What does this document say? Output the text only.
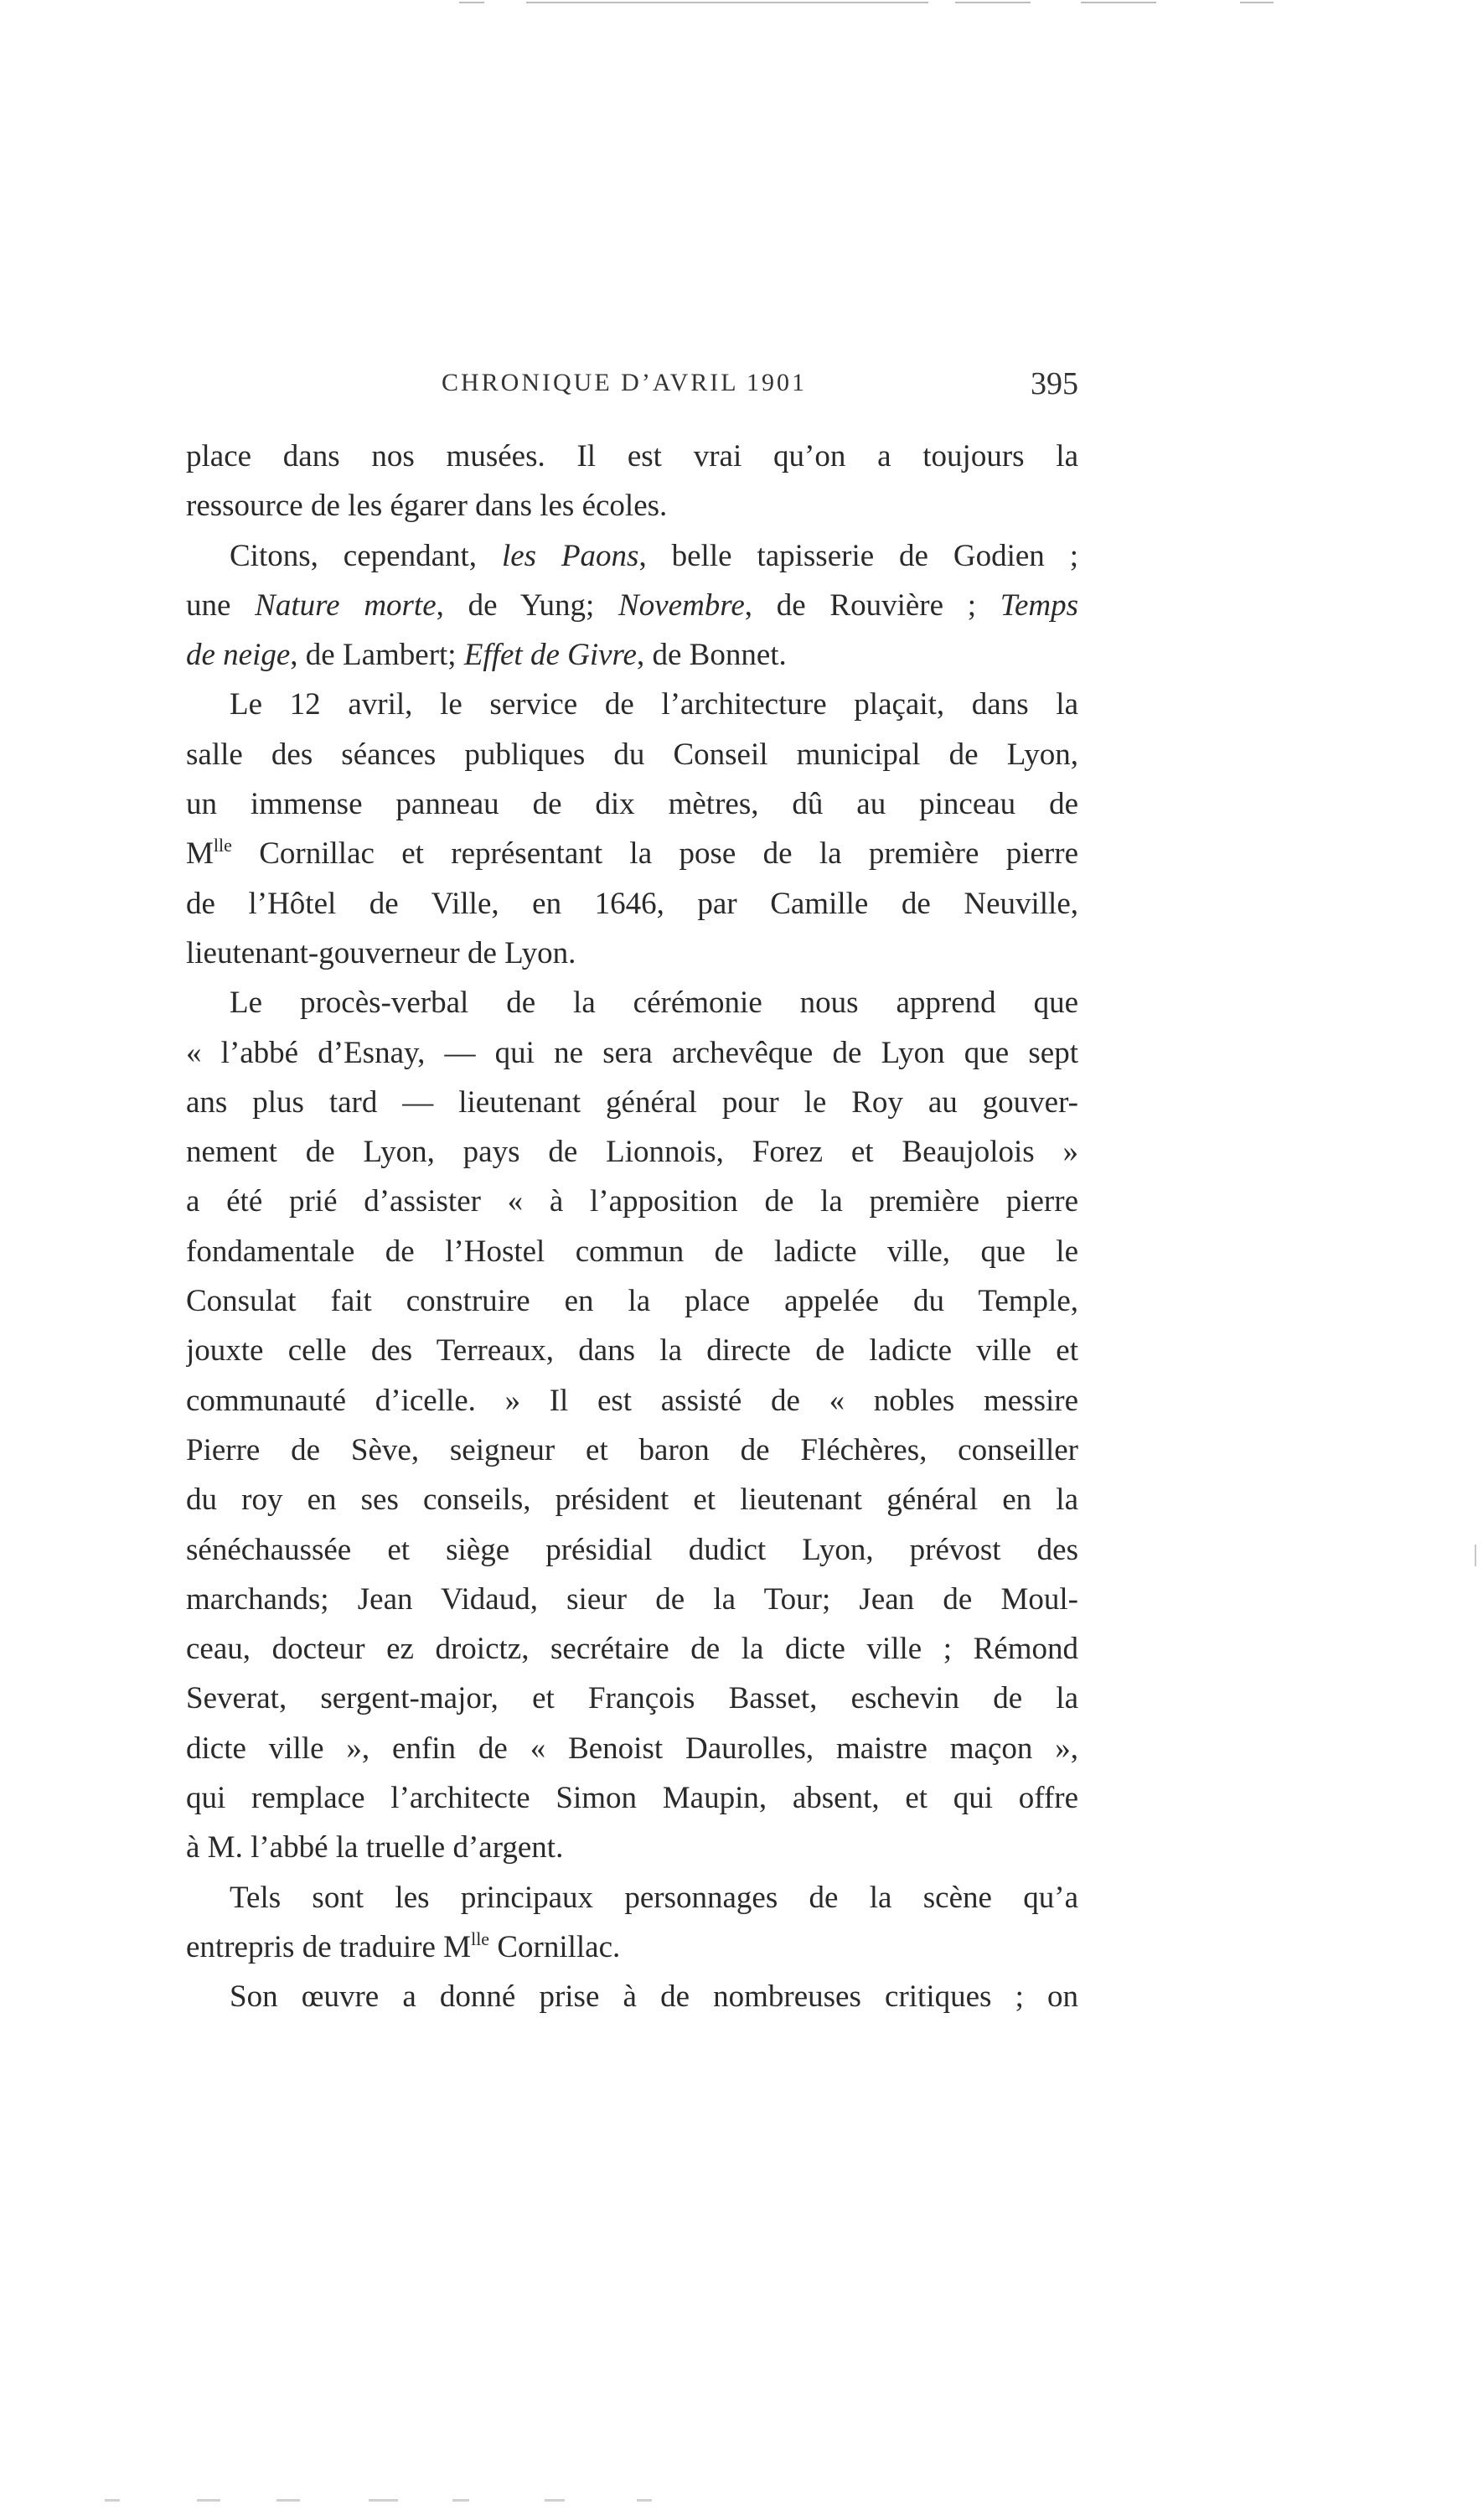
CHRONIQUE D’AVRIL 1901	395
place dans nos musées. Il est vrai qu’on a toujours la
ressource de les égarer dans les écoles.
Citons, cependant, les Paons, belle tapisserie de Godien ;
une Nature morte, de Yung; Novembre, de Rouvière ; Temps
de neige, de Lambert; Effet de Givre, de Bonnet.
Le 12 avril, le service de l’architecture plaçait, dans la
salle des séances publiques du Conseil municipal de Lyon,
un immense panneau de dix mètres, dû au pinceau de
$M^{lle}$ Cornillac et représentant la pose de la première pierre
de l’Hôtel de Ville, en 1646, par Camille de Neuville,
lieutenant-gouverneur de Lyon.
Le procès-verbal de la cérémonie nous apprend que
« l’abbé d’Esnay, — qui ne sera archevêque de Lyon que sept
ans plus tard — lieutenant général pour le Roy au gouver-
nement de Lyon, pays de Lionnois, Forez et Beaujolois »
a été prié d’assister « à l’apposition de la première pierre
fondamentale de l’Hostel commun de ladicte ville, que le
Consulat fait construire en la place appelée du Temple,
jouxte celle des Terreaux, dans la directe de ladicte ville et
communauté d’icelle. » Il est assisté de « nobles messire
Pierre de Sève, seigneur et baron de Fléchères, conseiller
du roy en ses conseils, président et lieutenant général en la
sénéchaussée et siège présidial dudict Lyon, prévost des
marchands; Jean Vidaud, sieur de la Tour; Jean de Moul-
ceau, docteur ez droictz, secrétaire de la dicte ville ; Rémond
Severat, sergent-major, et François Basset, eschevin de la
dicte ville », enfin de « Benoist Daurolles, maistre maçon »,
qui remplace l’architecte Simon Maupin, absent, et qui offre
à M. l’abbé la truelle d’argent.
Tels sont les principaux personnages de la scène qu’a
entrepris de traduire $M^{lle}$ Cornillac.
Son œuvre a donné prise à de nombreuses critiques ; on
